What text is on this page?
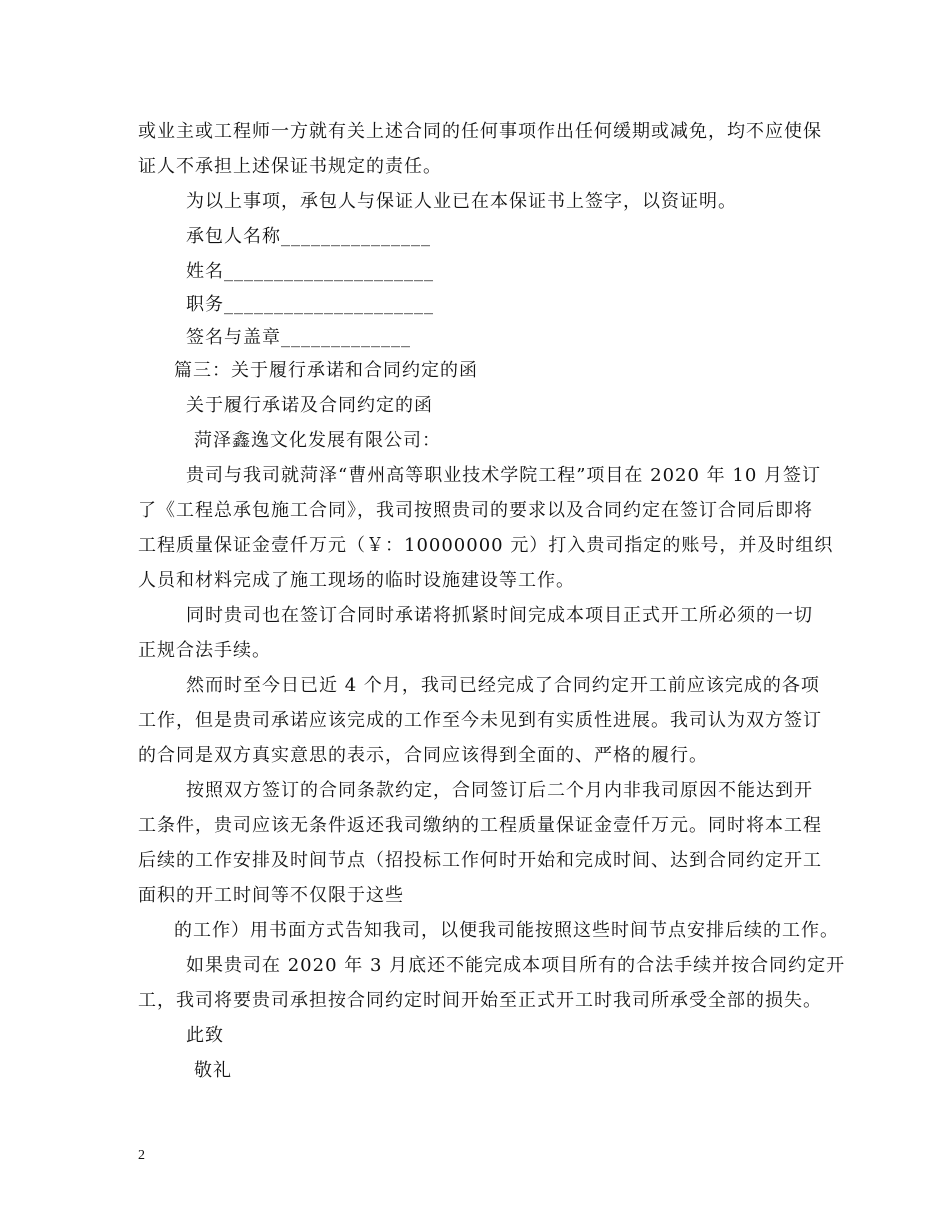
或业主或工程师一方就有关上述合同的任何事项作出任何缓期或减免，均不应使保
证人不承担上述保证书规定的责任。
为以上事项，承包人与保证人业已在本保证书上签字，以资证明。
承包人名称_______________
姓名_____________________
职务_____________________
签名与盖章_____________
篇三：关于履行承诺和合同约定的函
关于履行承诺及合同约定的函
菏泽鑫逸文化发展有限公司：
贵司与我司就菏泽“曹州高等职业技术学院工程”项目在 2020 年 10 月签订
了《工程总承包施工合同》，我司按照贵司的要求以及合同约定在签订合同后即将
工程质量保证金壹仟万元（￥：10000000 元）打入贵司指定的账号，并及时组织
人员和材料完成了施工现场的临时设施建设等工作。
同时贵司也在签订合同时承诺将抓紧时间完成本项目正式开工所必须的一切
正规合法手续。
然而时至今日已近 4 个月，我司已经完成了合同约定开工前应该完成的各项
工作，但是贵司承诺应该完成的工作至今未见到有实质性进展。我司认为双方签订
的合同是双方真实意思的表示，合同应该得到全面的、严格的履行。
按照双方签订的合同条款约定，合同签订后二个月内非我司原因不能达到开
工条件，贵司应该无条件返还我司缴纳的工程质量保证金壹仟万元。同时将本工程
后续的工作安排及时间节点（招投标工作何时开始和完成时间、达到合同约定开工
面积的开工时间等不仅限于这些
的工作）用书面方式告知我司，以便我司能按照这些时间节点安排后续的工作。
如果贵司在 2020 年 3 月底还不能完成本项目所有的合法手续并按合同约定开
工，我司将要贵司承担按合同约定时间开始至正式开工时我司所承受全部的损失。
此致
敬礼
2
